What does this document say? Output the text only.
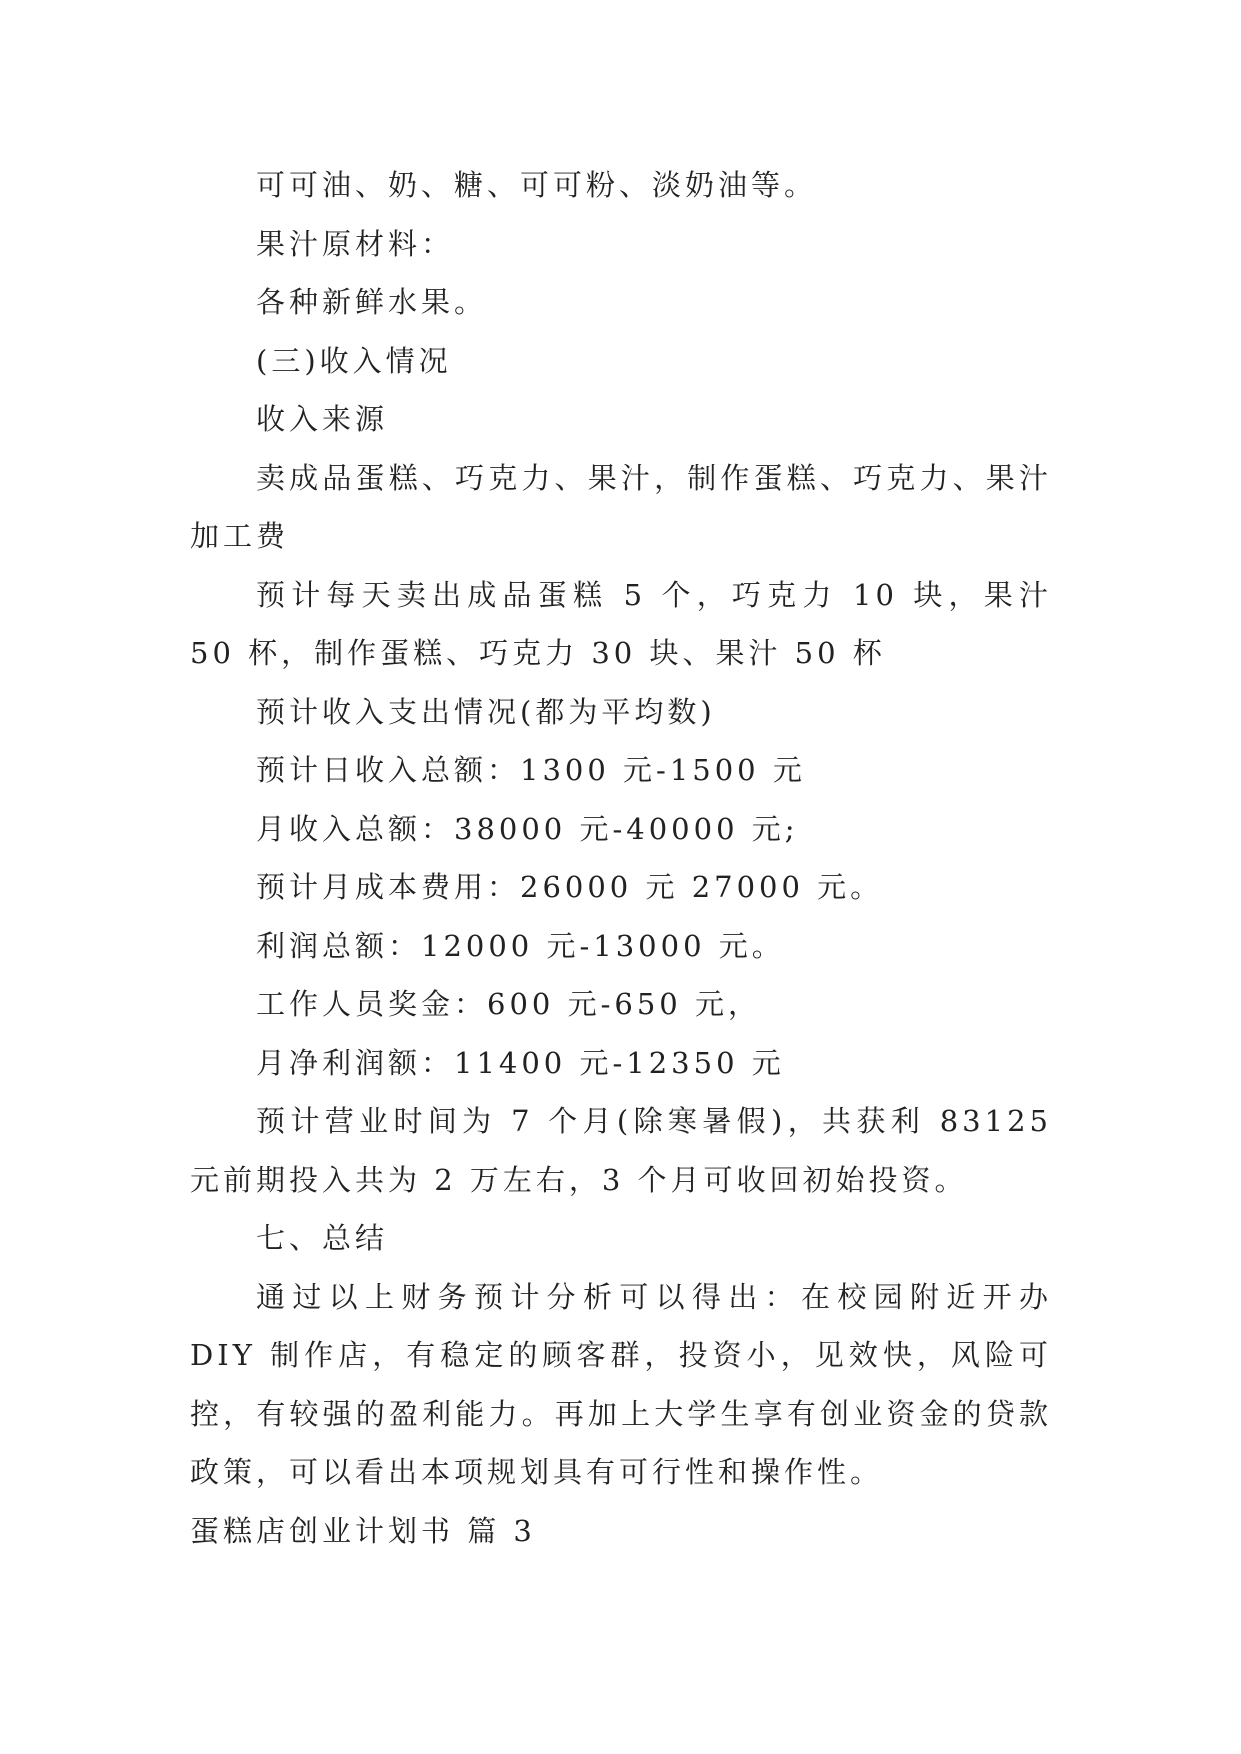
可可油、奶、糖、可可粉、淡奶油等。

果汁原材料：

各种新鲜水果。

(三)收入情况

收入来源

卖成品蛋糕、巧克力、果汁，制作蛋糕、巧克力、果汁加工费

预计每天卖出成品蛋糕 5 个，巧克力 10 块，果汁 50 杯，制作蛋糕、巧克力 30 块、果汁 50 杯

预计收入支出情况(都为平均数)

预计日收入总额：1300 元-1500 元

月收入总额：38000 元-40000 元;

预计月成本费用：26000 元 27000 元。

利润总额：12000 元-13000 元。

工作人员奖金：600 元-650 元，

月净利润额：11400 元-12350 元

预计营业时间为 7 个月(除寒暑假)，共获利 83125 元前期投入共为 2 万左右，3 个月可收回初始投资。

七、总结

通过以上财务预计分析可以得出：在校园附近开办 DIY 制作店，有稳定的顾客群，投资小，见效快，风险可控，有较强的盈利能力。再加上大学生享有创业资金的贷款政策，可以看出本项规划具有可行性和操作性。

蛋糕店创业计划书 篇 3
